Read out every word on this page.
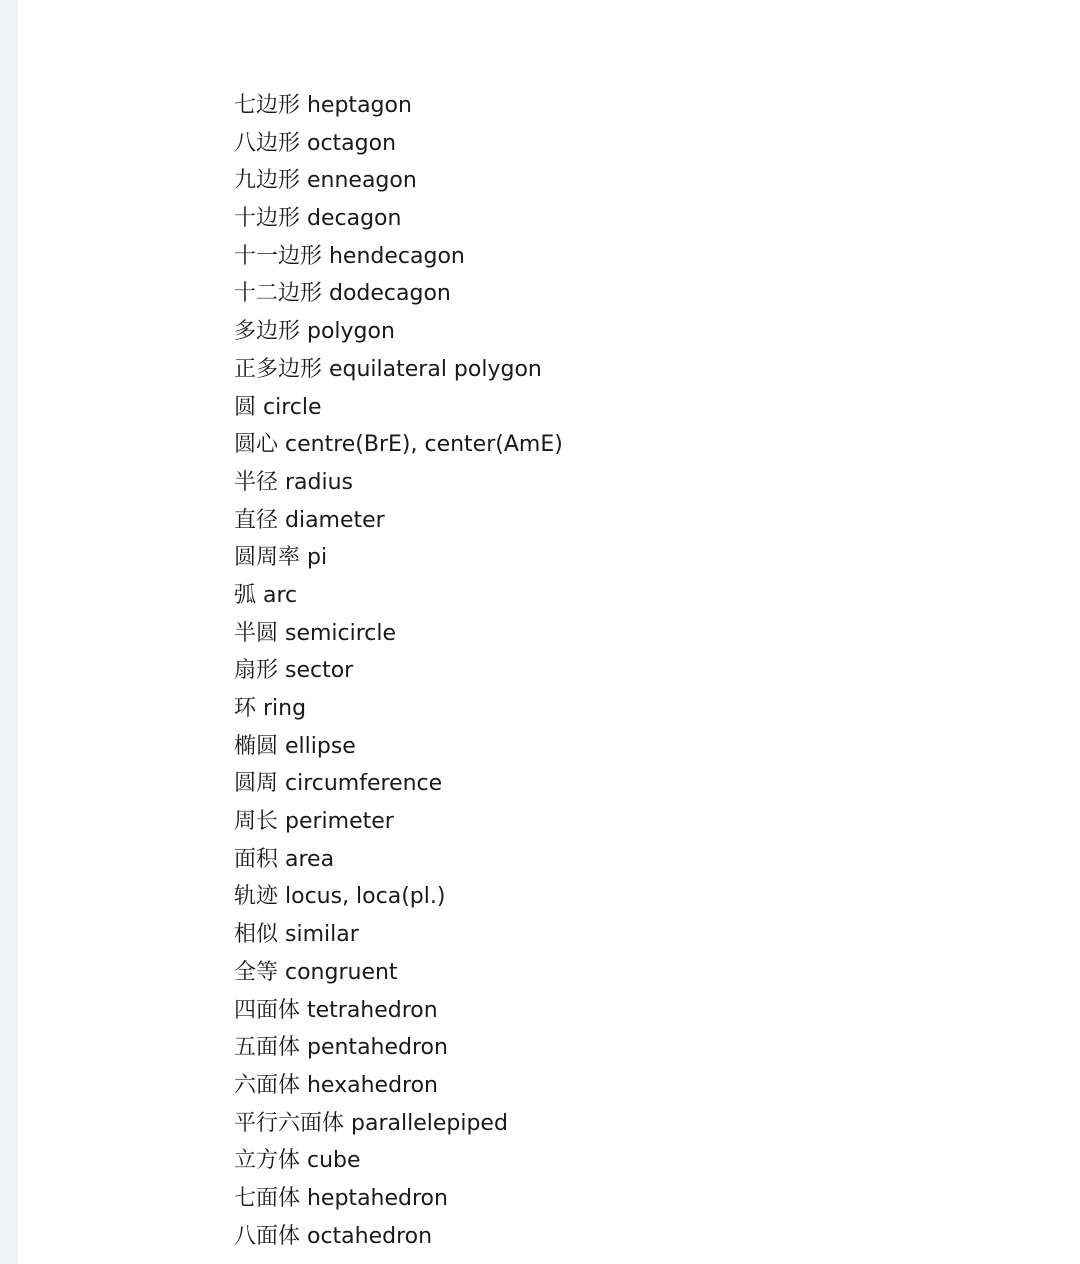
七边形 heptagon
八边形 octagon
九边形 enneagon
十边形 decagon
十一边形 hendecagon
十二边形 dodecagon
多边形 polygon
正多边形 equilateral polygon
圆 circle
圆心 centre(BrE), center(AmE)
半径 radius
直径 diameter
圆周率 pi
弧 arc
半圆 semicircle
扇形 sector
环 ring
椭圆 ellipse
圆周 circumference
周长 perimeter
面积 area
轨迹 locus, loca(pl.)
相似 similar
全等 congruent
四面体 tetrahedron
五面体 pentahedron
六面体 hexahedron
平行六面体 parallelepiped
立方体 cube
七面体 heptahedron
八面体 octahedron
